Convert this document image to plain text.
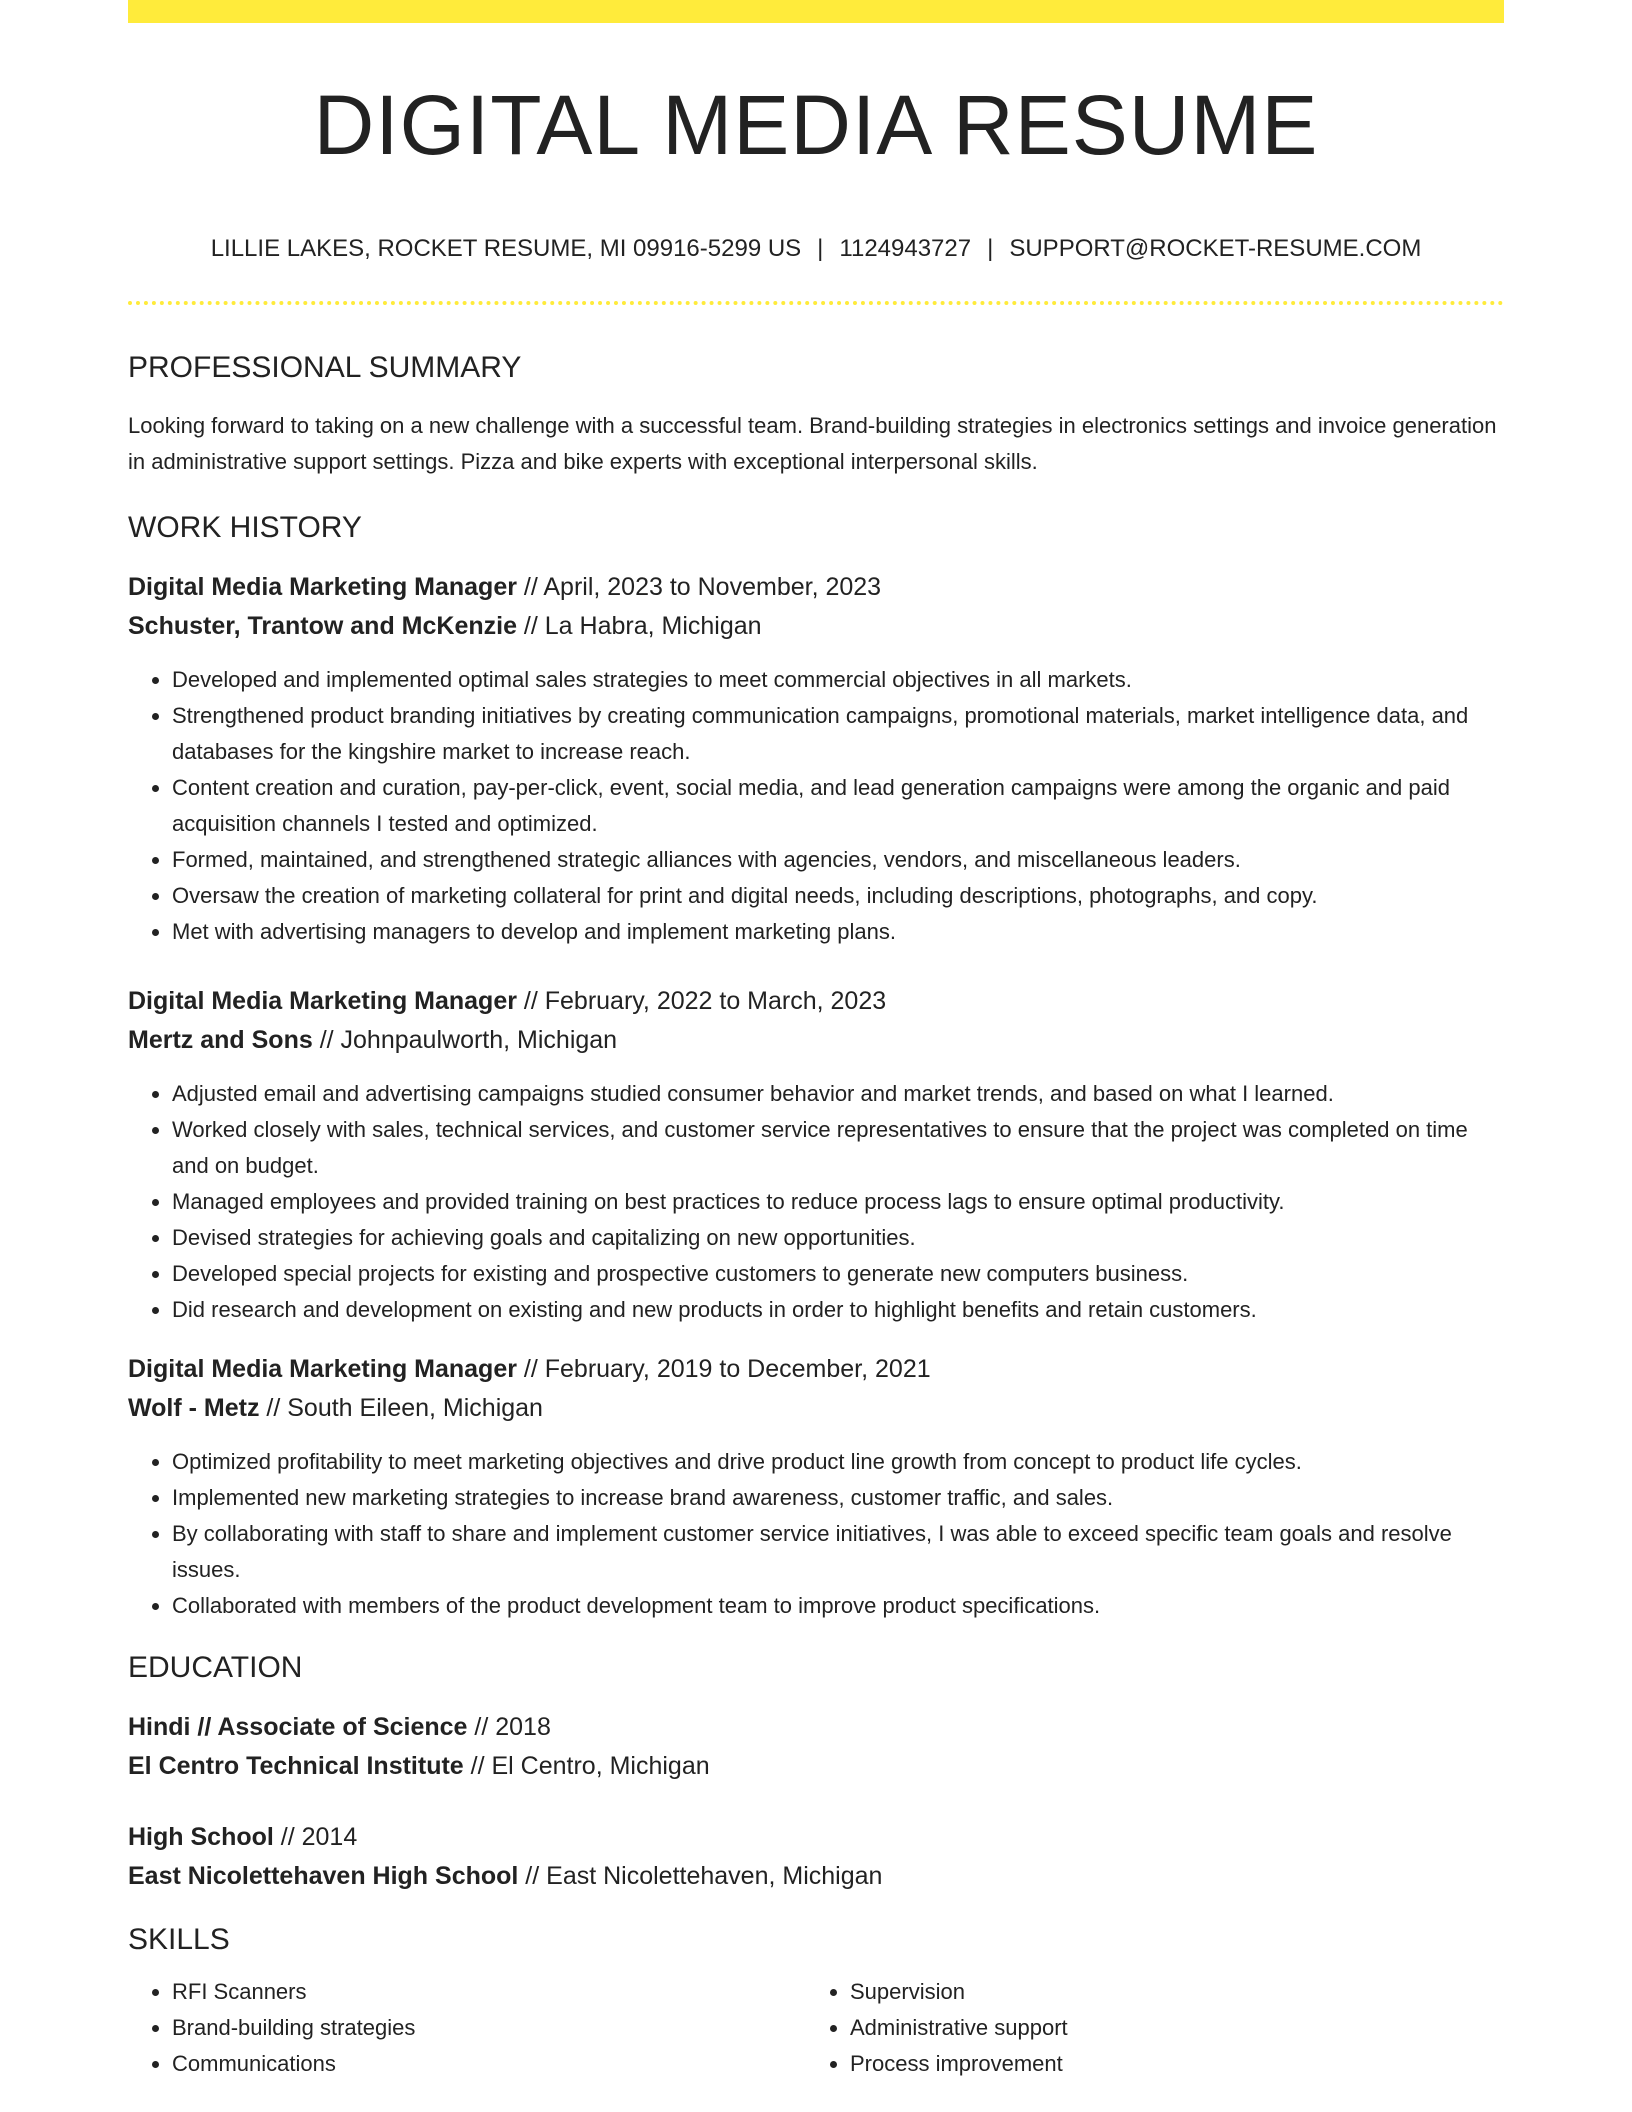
DIGITAL MEDIA RESUME
LILLIE LAKES, ROCKET RESUME, MI 09916-5299 US | 1124943727 | SUPPORT@ROCKET-RESUME.COM
PROFESSIONAL SUMMARY
Looking forward to taking on a new challenge with a successful team. Brand-building strategies in electronics settings and invoice generation in administrative support settings. Pizza and bike experts with exceptional interpersonal skills.
WORK HISTORY
Digital Media Marketing Manager // April, 2023 to November, 2023
Schuster, Trantow and McKenzie // La Habra, Michigan
• Developed and implemented optimal sales strategies to meet commercial objectives in all markets.
• Strengthened product branding initiatives by creating communication campaigns, promotional materials, market intelligence data, and databases for the kingshire market to increase reach.
• Content creation and curation, pay-per-click, event, social media, and lead generation campaigns were among the organic and paid acquisition channels I tested and optimized.
• Formed, maintained, and strengthened strategic alliances with agencies, vendors, and miscellaneous leaders.
• Oversaw the creation of marketing collateral for print and digital needs, including descriptions, photographs, and copy.
• Met with advertising managers to develop and implement marketing plans.
Digital Media Marketing Manager // February, 2022 to March, 2023
Mertz and Sons // Johnpaulworth, Michigan
• Adjusted email and advertising campaigns studied consumer behavior and market trends, and based on what I learned.
• Worked closely with sales, technical services, and customer service representatives to ensure that the project was completed on time and on budget.
• Managed employees and provided training on best practices to reduce process lags to ensure optimal productivity.
• Devised strategies for achieving goals and capitalizing on new opportunities.
• Developed special projects for existing and prospective customers to generate new computers business.
• Did research and development on existing and new products in order to highlight benefits and retain customers.
Digital Media Marketing Manager // February, 2019 to December, 2021
Wolf - Metz // South Eileen, Michigan
• Optimized profitability to meet marketing objectives and drive product line growth from concept to product life cycles.
• Implemented new marketing strategies to increase brand awareness, customer traffic, and sales.
• By collaborating with staff to share and implement customer service initiatives, I was able to exceed specific team goals and resolve issues.
• Collaborated with members of the product development team to improve product specifications.
EDUCATION
Hindi // Associate of Science // 2018
El Centro Technical Institute // El Centro, Michigan
High School // 2014
East Nicolettehaven High School // East Nicolettehaven, Michigan
SKILLS
• RFI Scanners
• Brand-building strategies
• Communications
• Supervision
• Administrative support
• Process improvement
